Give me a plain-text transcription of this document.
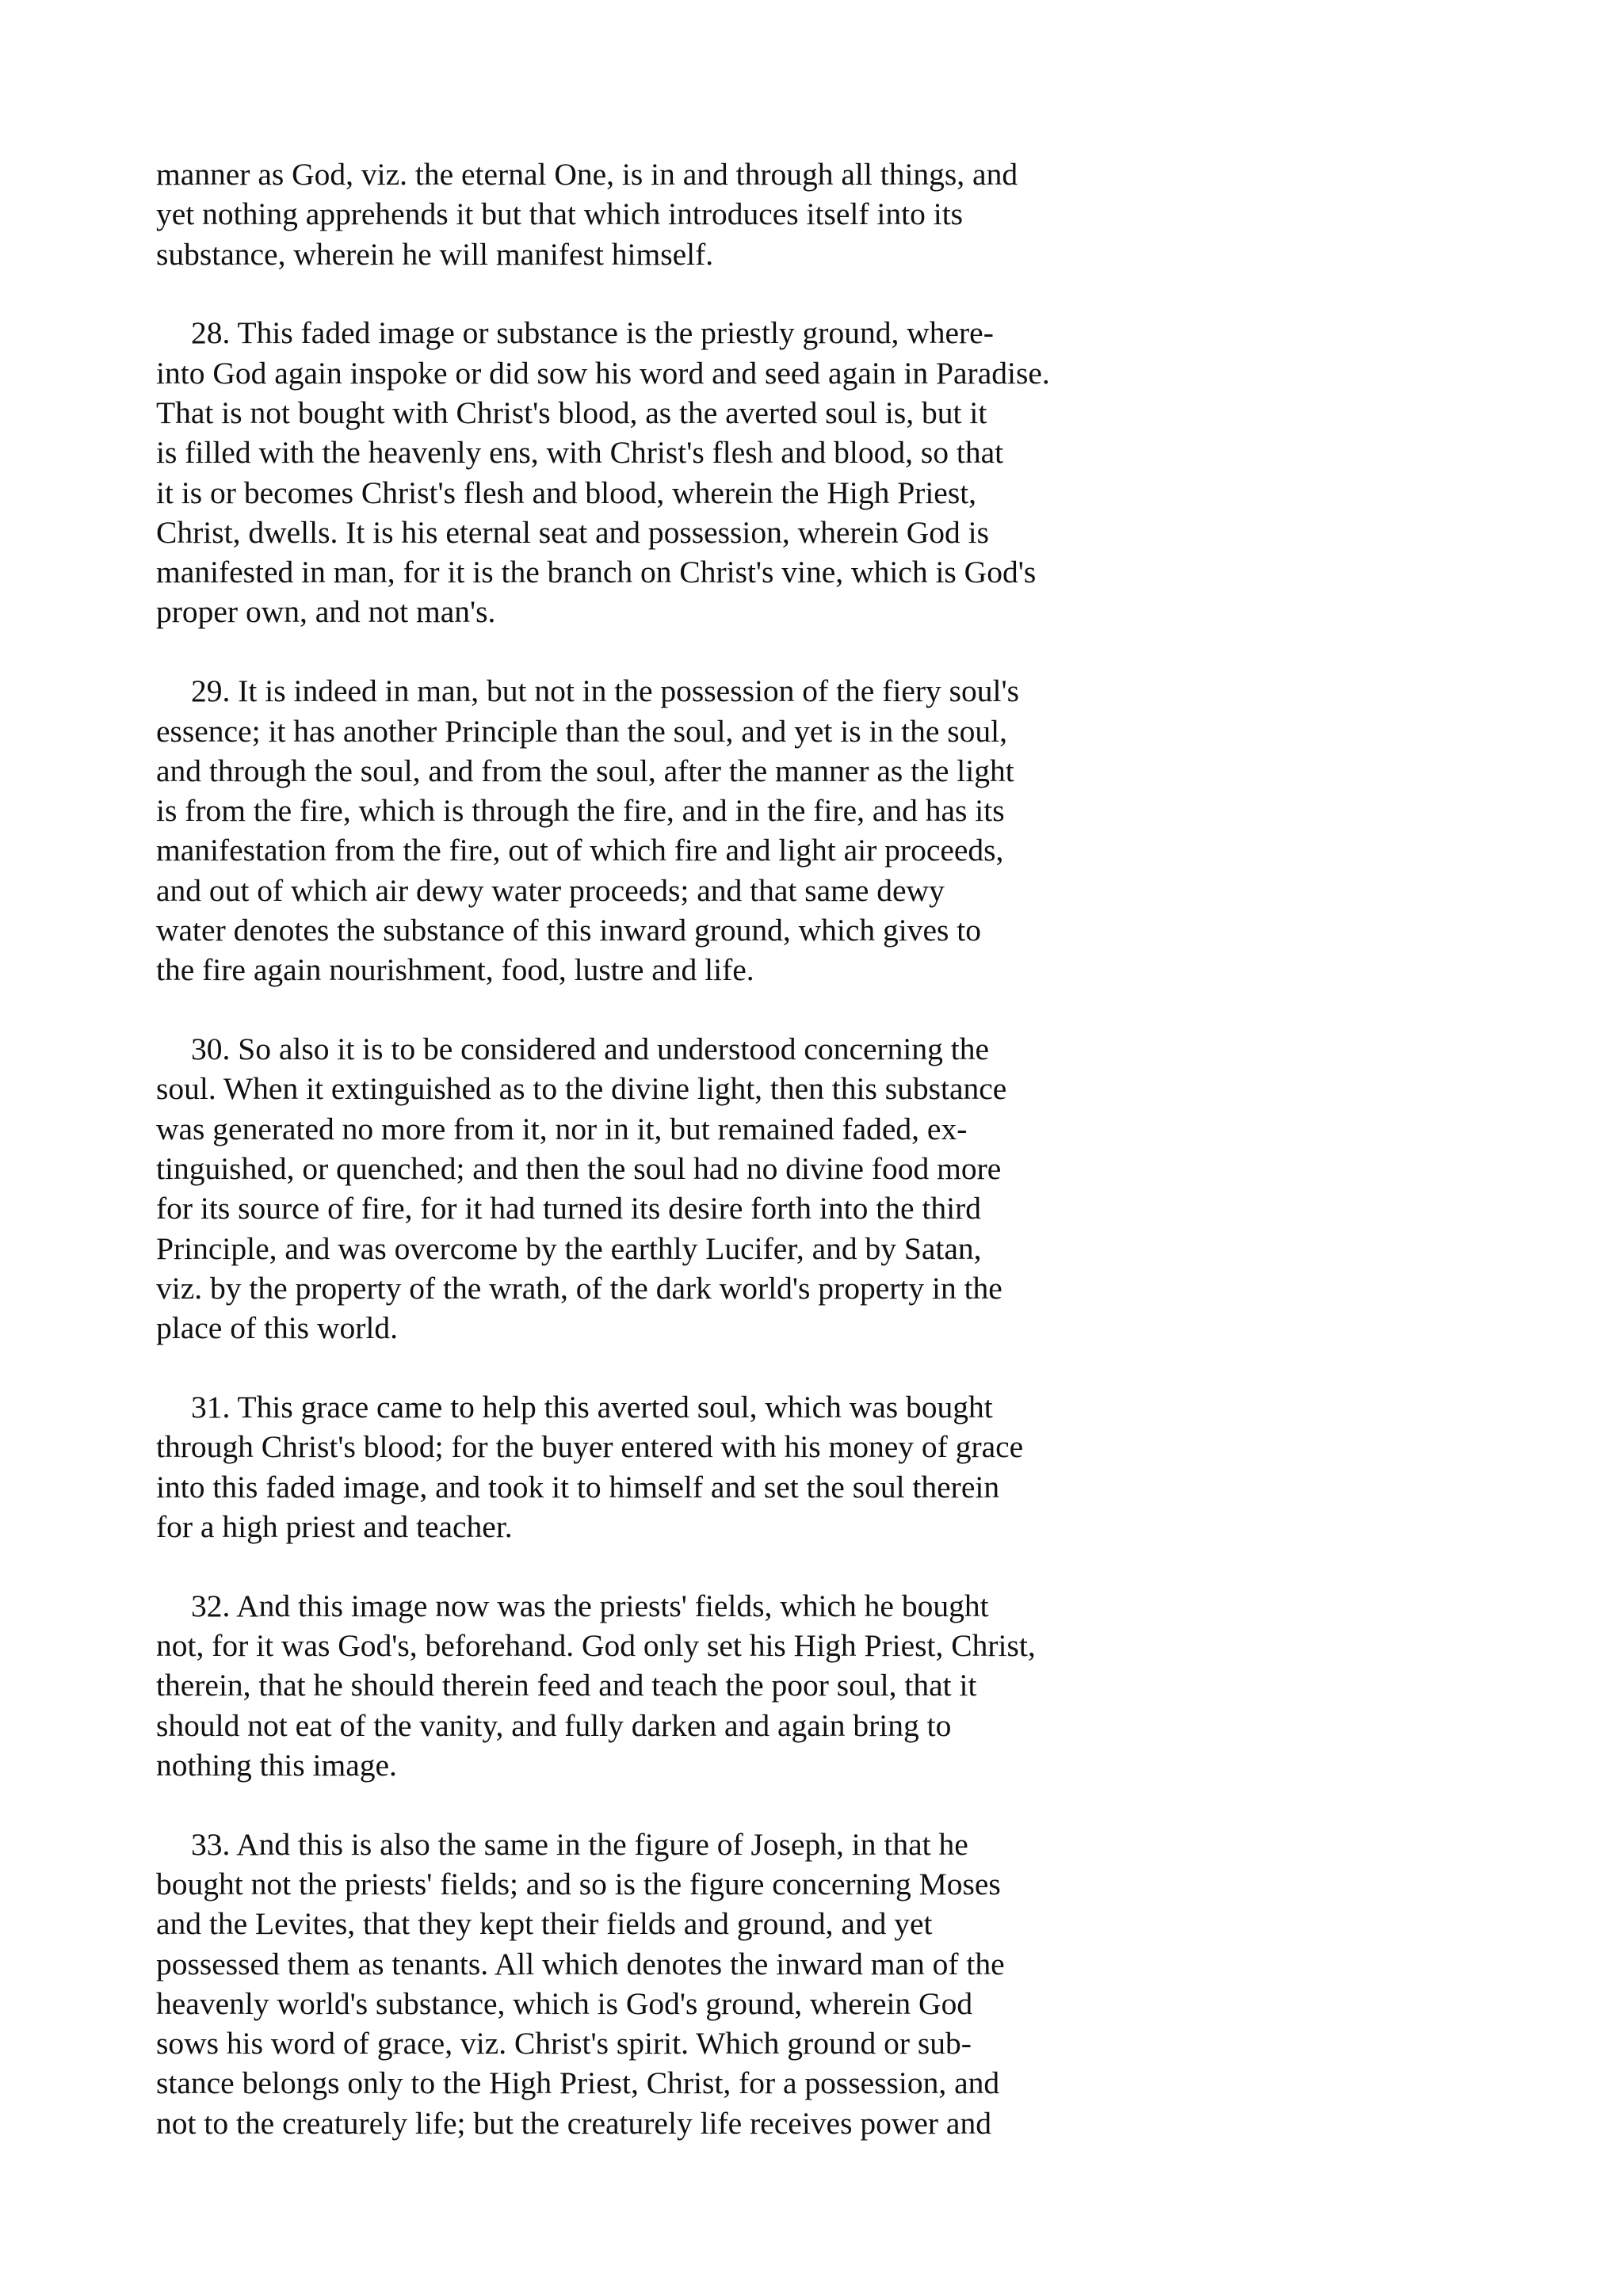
manner as God, viz. the eternal One, is in and through all things, and
yet nothing apprehends it but that which introduces itself into its
substance, wherein he will manifest himself.
28. This faded image or substance is the priestly ground, where-
into God again inspoke or did sow his word and seed again in Paradise.
That is not bought with Christ's blood, as the averted soul is, but it
is filled with the heavenly ens, with Christ's flesh and blood, so that
it is or becomes Christ's flesh and blood, wherein the High Priest,
Christ, dwells. It is his eternal seat and possession, wherein God is
manifested in man, for it is the branch on Christ's vine, which is God's
proper own, and not man's.
29. It is indeed in man, but not in the possession of the fiery soul's
essence; it has another Principle than the soul, and yet is in the soul,
and through the soul, and from the soul, after the manner as the light
is from the fire, which is through the fire, and in the fire, and has its
manifestation from the fire, out of which fire and light air proceeds,
and out of which air dewy water proceeds; and that same dewy
water denotes the substance of this inward ground, which gives to
the fire again nourishment, food, lustre and life.
30. So also it is to be considered and understood concerning the
soul. When it extinguished as to the divine light, then this substance
was generated no more from it, nor in it, but remained faded, ex-
tinguished, or quenched; and then the soul had no divine food more
for its source of fire, for it had turned its desire forth into the third
Principle, and was overcome by the earthly Lucifer, and by Satan,
viz. by the property of the wrath, of the dark world's property in the
place of this world.
31. This grace came to help this averted soul, which was bought
through Christ's blood; for the buyer entered with his money of grace
into this faded image, and took it to himself and set the soul therein
for a high priest and teacher.
32. And this image now was the priests' fields, which he bought
not, for it was God's, beforehand. God only set his High Priest, Christ,
therein, that he should therein feed and teach the poor soul, that it
should not eat of the vanity, and fully darken and again bring to
nothing this image.
33. And this is also the same in the figure of Joseph, in that he
bought not the priests' fields; and so is the figure concerning Moses
and the Levites, that they kept their fields and ground, and yet
possessed them as tenants. All which denotes the inward man of the
heavenly world's substance, which is God's ground, wherein God
sows his word of grace, viz. Christ's spirit. Which ground or sub-
stance belongs only to the High Priest, Christ, for a possession, and
not to the creaturely life; but the creaturely life receives power and
